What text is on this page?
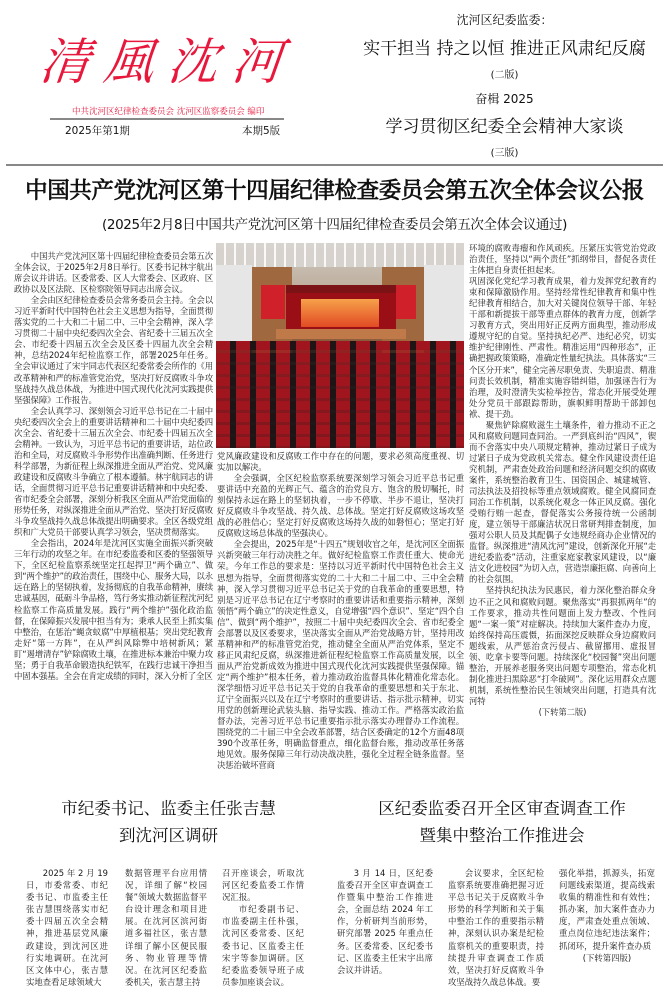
清風沈河
中共沈河区纪律检查委员会 沈河区监察委员会 编印
2025年第1期	本期5版
沈河区纪委监委：
实干担当 持之以恒 推进正风肃纪反腐
(二版)
奋楫 2025
学习贯彻区纪委全会精神大家谈
(三版)
中国共产党沈河区第十四届纪律检查委员会第五次全体会议公报
(2025年2月8日中国共产党沈河区第十四届纪律检查委员会第五次全体会议通过)

中国共产党沈河区第十四届纪律检查委员会第五次全体会议，于2025年2月8日举行。区委书记林宇航出席会议并讲话。区委常委、区人大常委会、区政府、区政协以及区法院、区检察院领导同志出席会议。

全会由区纪律检查委员会常务委员会主持。全会以习近平新时代中国特色社会主义思想为指导，全面贯彻落实党的二十大和二十届二中、三中全会精神，深入学习贯彻二十届中央纪委四次全会、省纪委十三届五次全会、市纪委十四届五次全会及区委十四届九次全会精神，总结2024年纪检监察工作，部署2025年任务。全会审议通过了宋宇同志代表区纪委常委会所作的《用改革精神和严的标准管党治党，坚决打好反腐败斗争攻坚战持久战总体战，为推进中国式现代化沈河实践提供坚强保障》工作报告。

全会认真学习、深刻领会习近平总书记在二十届中央纪委四次全会上的重要讲话精神和二十届中央纪委四次全会、省纪委十三届五次全会、市纪委十四届五次全会精神。一致认为，习近平总书记的重要讲话，站位政治和全局，对反腐败斗争形势作出准确判断、任务进行科学部署，为新征程上纵深推进全面从严治党、党风廉政建设和反腐败斗争确立了根本遵循。林宇航同志的讲话，全面贯彻习近平总书记重要讲话精神和中央纪委、省市纪委全会部署，深刻分析我区全面从严治党面临的形势任务，对纵深推进全面从严治党、坚决打好反腐败斗争攻坚战持久战总体战提出明确要求。全区各级党组织和广大党员干部要认真学习领会，坚决贯彻落实。

全会指出，2024年是沈河区实施全面振兴新突破三年行动的攻坚之年。在市纪委监委和区委的坚强领导下，全区纪检监察系统坚定扛起捍卫“两个确立”、做到“两个维护”的政治责任，围绕中心、服务大局，以永远在路上的坚韧执着，发扬彻底的自我革命精神，赓续忠诚基因，砥砺斗争品格，笃行务实推动新征程沈河纪检监察工作高质量发展。践行“两个维护”强化政治监督，在保障振兴发展中担当有为；秉承人民至上抓实集中整治，在惩治“蝇贪蚁腐”中厚植根基；突出党纪教育走好“第一方阵”，在从严纠风除弊中培树新风；紧盯“遏增清存”铲除腐败土壤，在推进标本兼治中聚力攻坚；勇于自我革命锻造执纪铁军，在践行忠诚干净担当中固本强基。全会在肯定成绩的同时，深入分析了全区

党风廉政建设和反腐败工作中存在的问题，要求必须高度重视、切实加以解决。

全会强调，全区纪检监察系统要深刻学习领会习近平总书记重要讲话中充盈的光辉正气、蕴含的治党良方、饱含的殷切嘱托，时刻保持永远在路上的坚韧执着，一步不停歇、半步不退让，坚决打好反腐败斗争攻坚战、持久战、总体战。坚定打好反腐败这场攻坚战的必胜信心；坚定打好反腐败这场持久战的如磐恒心；坚定打好反腐败这场总体战的坚强决心。

全会提出，2025年是“十四五”规划收官之年，是沈河区全面振兴新突破三年行动决胜之年。做好纪检监察工作责任重大、使命光荣。今年工作总的要求是：坚持以习近平新时代中国特色社会主义思想为指导，全面贯彻落实党的二十大和二十届二中、三中全会精神，深入学习贯彻习近平总书记关于党的自我革命的重要思想，特别是习近平总书记在辽宁考察时的重要讲话和重要指示精神，深刻领悟“两个确立”的决定性意义，自觉增强“四个意识”、坚定“四个自信”、做到“两个维护”，按照二十届中央纪委四次全会、省市纪委全会部署以及区委要求，坚决落实全面从严治党战略方针，坚持用改革精神和严的标准管党治党，推动健全全面从严治党体系，坚定不移正风肃纪反腐，纵深推进新征程纪检监察工作高质量发展，以全面从严治党新成效为推进中国式现代化沈河实践提供坚强保障。锚定“两个维护”根本任务，着力推动政治监督具体化精准化常态化。深学细悟习近平总书记关于党的自我革命的重要思想和关于东北、辽宁全面振兴以及在辽宁考察时的重要讲话、指示批示精神，切实用党的创新理论武装头脑、指导实践、推动工作。严格落实政治监督办法，完善习近平总书记重要指示批示落实办理督办工作流程。围绕党的二十届三中全会改革部署，结合区委确定的12个方面48项390个改革任务，明确监督重点，细化监督台账，推动改革任务落地见效。服务保障三年行动决战决胜，强化全过程全链条监督。坚决惩治破坏营商

环境的腐败毒瘤和作风顽疾。压紧压实管党治党政治责任，坚持以“两个责任”抓纲带目，督促各责任主体把自身责任担起来。

巩固深化党纪学习教育成果，着力发挥党纪教育约束和保障激励作用。坚持经常性纪律教育和集中性纪律教育相结合，加大对关键岗位领导干部、年轻干部和新提拔干部等重点群体的教育力度，创新学习教育方式，突出用好正反两方面典型，推动形成遵规守纪的自觉。坚持执纪必严、违纪必究，切实维护纪律刚性、严肃性。精准运用“四种形态”，正确把握政策策略，准确定性量纪执法。具体落实“三个区分开来”，健全完善尽职免责、失职追责、精准问责长效机制，精准实施容错纠错，加强诬告行为治理，及时澄清失实检举控告，常态化开展受处理处分党员干部跟踪帮助，旗帜鲜明帮助干部卸包袱、提干劲。

聚焦铲除腐败滋生土壤条件，着力推动不正之风和腐败问题同查同治。一严到底纠治“四风”，锲而不舍落实中央八项规定精神，推动过紧日子成为过紧日子成为党政机关常态。健全作风建设责任追究机制，严肃查处政治问题和经济问题交织的腐败案件，系统整治教育卫生、国资国企、城建城管、司法执法及招投标等重点领域腐败。健全风腐同查同治工作机制，以系统化观念一体正风反腐。强化受贿行贿一起查，督促落实公务接待统一公函制度，建立领导干部廉洁状况日常研判排查制度，加强对公职人员及其配偶子女违规经商办企业情况的监督。纵深推进“清风沈河”建设，创新深化开展“走进纪委监委”活动，注重家庭家教家风建设，以“廉洁文化进校园”为切入点，营造崇廉拒腐、向善向上的社会氛围。

坚持执纪执法为民惠民，着力深化整治群众身边不正之风和腐败问题。聚焦落实“再狠抓两年”的工作要求，推动共性问题面上发力整改、个性问题“一案一策”对症解决。持续加大案件查办力度，始终保持高压震慑，拓面深挖反映群众身边腐败问题线索，从严惩治贪污侵占、截留挪用、虚报冒领、吃拿卡要等问题。持续深化“校园餐”突出问题整治，开展养老服务突出问题专项整治，常态化机制化推进扫黑除恶“打伞破网”。深化运用群众点题机制，系统性整治民生领域突出问题，打造具有沈河特

(下转第二版)

市纪委书记、监委主任张吉慧
到沈河区调研

2025 年 2 月 19 日，市委常委、市纪委书记、市监委主任张吉慧围绕落实市纪委十四届五次全会精神，推进基层党风廉政建设，到沈河区进行实地调研。在沈河区文体中心，张吉慧实地查看足球领域大

数据管理平台应用情况，详细了解“校园餐”领域大数据监督平台设计理念和项目进展。在沈河区滨河街道多福社区，张吉慧详细了解小区便民服务、物业管理等情况。在沈河区纪委监委机关，张吉慧主持

召开座谈会，听取沈河区纪委监委工作情况汇报。

市纪委副书记、市监委副主任朴强，沈河区委常委、区纪委书记、区监委主任宋宇等参加调研。区纪委监委领导班子成员参加座谈会议。

区纪委监委召开全区审查调查工作
暨集中整治工作推进会

3 月 14 日，区纪委监委召开全区审查调查工作暨集中整治工作推进会，全面总结 2024 年工作，分析研判当前形势，研究部署 2025 年重点任务。区委常委、区纪委书记、区监委主任宋宇出席会议并讲话。

会议要求，全区纪检监察系统要准确把握习近平总书记关于反腐败斗争形势的科学判断和关于集中整治工作的重要指示精神，深刻认识办案是纪检监察机关的重要职责，持续提升审查调查工作质效，坚决打好反腐败斗争攻坚战持久战总体战。要

强化举措，抓源头，拓宽问题线索渠道，提高线索收集的精准性和有效性；抓办案，加大案件查办力度，严肃查处重点领域、重点岗位违纪违法案件；抓闭环，提升案件查办质

(下转第四版)
